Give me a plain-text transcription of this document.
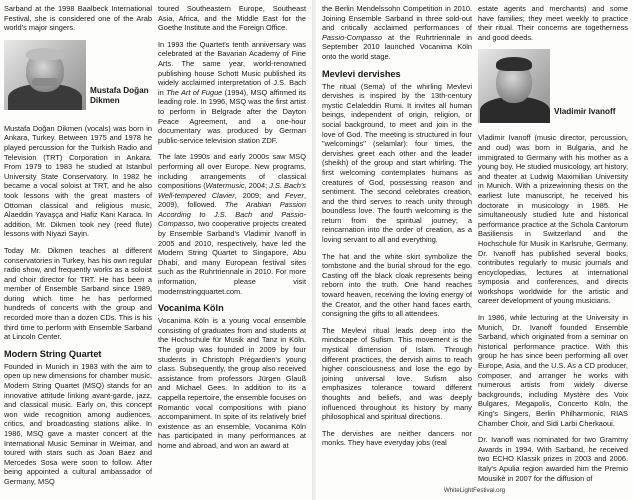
Sarband at the 1998 Baalbeck International Festival, she is considered one of the Arab world's major singers.

Mustafa Doğan Dikmen

Mustafa Doğan Dikmen (vocals) was born in Ankara, Turkey. Between 1975 and 1978 he played percussion for the Turkish Radio and Television (TRT) Corporation in Ankara. From 1979 to 1983 he studied at Istanbul University State Conservatory. In 1982 he became a vocal soloist at TRT, and he also took lessons with the great masters of Ottoman classical and religious music, Alaeddin Yavaşça and Hafiz Kani Karaca. In addition, Mr. Dikmen took ney (reed flute) lessons with Niyazi Sayin.

Today Mr. Dikmen teaches at different conservatories in Turkey, has his own regular radio show, and frequently works as a soloist and choir director for TRT. He has been a member of Ensemble Sarband since 1989, during which time he has performed hundreds of concerts with the group and recorded more than a dozen CDs. This is his third time to perform with Ensemble Sarband at Lincoln Center.

Modern String Quartet

Founded in Munich in 1983 with the aim to open up new dimensions for chamber music, Modern String Quartet (MSQ) stands for an innovative attitude linking avant-garde, jazz, and classical music. Early on, this concept won wide recognition among audiences, critics, and broadcasting stations alike. In 1986, MSQ gave a master concert at the International Music Seminar in Weimar, and toured with stars such as Joan Baez and Mercedes Sosa were soon to follow. After being appointed a cultural ambassador of Germany, MSQ

toured Southeastern Europe, Southeast Asia, Africa, and the Middle East for the Goethe Institute and the Foreign Office.

In 1993 the Quartet's tenth anniversary was celebrated at the Bavarian Academy of Fine Arts. The same year, world-renowned publishing house Schott Music published its widely acclaimed interpretation of J.S. Bach in The Art of Fugue (1994), MSQ affirmed its leading role. In 1996, MSQ was the first artist to perform in Belgrade after the Dayton Peace Agreement, and a one-hour documentary was produced by German public-service television station ZDF.

The late 1990s and early 2000s saw MSQ performing all over Europe. New programs, including arrangements of classical compositions (Watermusic, 2004; J.S. Bach's Well-tempered Clavier, 2009; and Fever, 2009), followed. The Arabian Passion According to J.S. Bach and Passio-Compasso, two cooperative projects created by Ensemble Sarband's Vladimir Ivanoff in 2005 and 2010, respectively, have led the Modern String Quartet to Singapore, Abu Dhabi, and many European festival sites such as the Ruhrtriennale in 2010. For more information, please visit modernstringquartet.com.

Vocanima Köln

Vocanima Köln is a young vocal ensemble consisting of graduates from and students at the Hochschule für Musik and Tanz in Köln. The group was founded in 2009 by four students in Christoph Prégardien's young class. Subsequently, the group also received assistance from professors Jürgen Glauß and Michael Gees. In addition to its a cappella repertoire, the ensemble focuses on Romantic vocal compositions with piano accompaniment. In spite of its relatively brief existence as an ensemble, Vocanima Köln has participated in many performances at home and abroad, and won an award at

the Berlin Mendelssohn Competition in 2010. Joining Ensemble Sarband in three sold-out and critically acclaimed performances of Passio-Compasso at the Ruhrtriennale in September 2010 launched Vocanima Köln onto the world stage.

Mevlevi dervishes

The ritual (Sema) of the whirling Mevlevi dervishes is inspired by the 13th-century mystic Celaleddin Rumi. It invites all human beings, independent of origin, religion, or social background, to meet and join in the love of God. The meeting is structured in four "welcomings" (selamlar): four times, the dervishes greet each other and the leader (sheikh) of the group and start whirling. The first welcoming contemplates humans as creatures of God, possessing reason and sentiment. The second celebrates creation, and the third serves to reach unity through boundless love. The fourth welcoming is the return from the spiritual journey; a reincarnation into the order of creation, as a loving servant to all and everything.

The hat and the white skirt symbolize the tombstone and the burial shroud for the ego. Casting off the black cloak represents being reborn into the truth. One hand reaches toward heaven, receiving the loving energy of the Creator, and the other hand faces earth, consigning the gifts to all attendees.

The Mevlevi ritual leads deep into the mindscape of Sufism. This movement is the mystical dimension of Islam. Through different practices, the dervish aims to reach higher consciousness and lose the ego by joining universal love. Sufism also emphasizes tolerance toward different thoughts and beliefs, and was deeply influenced throughout its history by many philosophical and spiritual directions.

The dervishes are neither dancers nor monks. They have everyday jobs (real

estate agents and merchants) and some have families; they meet weekly to practice their ritual. Their concerns are togetherness and good deeds.

Vladimir Ivanoff

Vladimir Ivanoff (music director, percussion, and oud) was born in Bulgaria, and he immigrated to Germany with his mother as a young boy. He studied musicology, art history, and theater at Ludwig Maximilian University in Munich. With a prizewinning thesis on the earliest lute manuscript, he received his doctorate in musicology in 1985. He simultaneously studied lute and historical performance practice at the Schola Cantorum Basiliensis in Switzerland and the Hochschule für Musik in Karlsruhe, Germany. Dr. Ivanoff has published several books, contributes regularly to music journals and encyclopedias, lectures at international symposia and conferences, and directs workshops worldwide for the artistic and career development of young musicians.

In 1986, while lecturing at the University in Munich, Dr. Ivanoff founded Ensemble Sarband, which originated from a seminar on historical performance practice. With this group he has since been performing all over Europe, Asia, and the U.S. As a CD producer, composer, and arranger he works with numerous artists from widely diverse backgrounds, including Mystère des Voix Bulgares, Megapolis, Concerto Köln, the King's Singers, Berlin Philharmonic, RIAS Chamber Choir, and Sidi Larbi Cherkaoui.

Dr. Ivanoff was nominated for two Grammy Awards in 1994. With Sarband, he received two ECHO Klassik prizes in 2003 and 2006. Italy's Apulia region awarded him the Premio Mousikè in 2007 for the diffusion of

WhiteLightFestival.org
